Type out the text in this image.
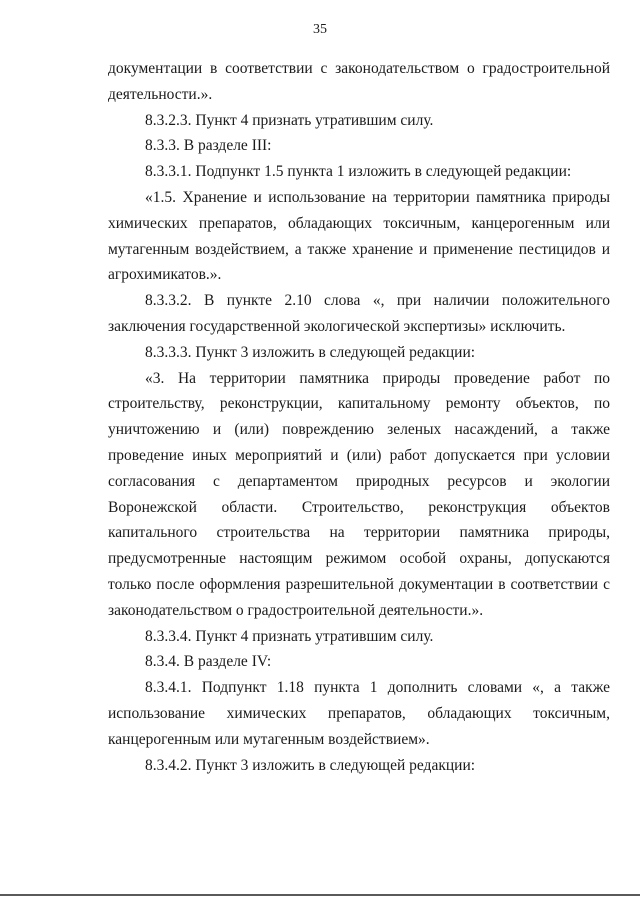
35

документации в соответствии с законодательством о градостроительной деятельности.».

8.3.2.3. Пункт 4 признать утратившим силу.

8.3.3. В разделе III:

8.3.3.1. Подпункт 1.5 пункта 1 изложить в следующей редакции:

«1.5. Хранение и использование на территории памятника природы химических препаратов, обладающих токсичным, канцерогенным или мутагенным воздействием, а также хранение и применение пестицидов и агрохимикатов.».

8.3.3.2. В пункте 2.10 слова «, при наличии положительного заключения государственной экологической экспертизы» исключить.

8.3.3.3. Пункт 3 изложить в следующей редакции:

«3. На территории памятника природы проведение работ по строительству, реконструкции, капитальному ремонту объектов, по уничтожению и (или) повреждению зеленых насаждений, а также проведение иных мероприятий и (или) работ допускается при условии согласования с департаментом природных ресурсов и экологии Воронежской области. Строительство, реконструкция объектов капитального строительства на территории памятника природы, предусмотренные настоящим режимом особой охраны, допускаются только после оформления разрешительной документации в соответствии с законодательством о градостроительной деятельности.».

8.3.3.4. Пункт 4 признать утратившим силу.

8.3.4. В разделе IV:

8.3.4.1. Подпункт 1.18 пункта 1 дополнить словами «, а также использование химических препаратов, обладающих токсичным, канцерогенным или мутагенным воздействием».

8.3.4.2. Пункт 3 изложить в следующей редакции:
